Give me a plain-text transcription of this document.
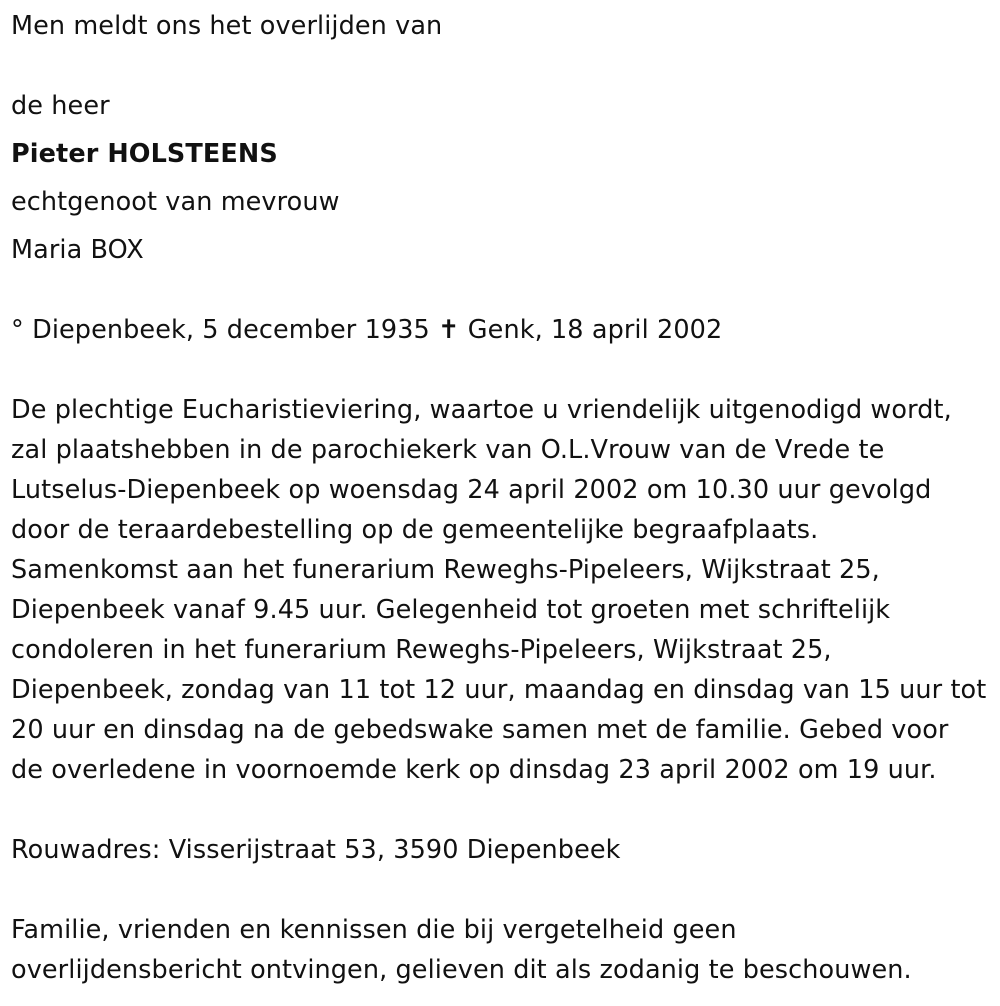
Men meldt ons het overlijden van
de heer
Pieter HOLSTEENS
echtgenoot van mevrouw
Maria BOX
° Diepenbeek, 5 december 1935 ✝ Genk, 18 april 2002
De plechtige Eucharistieviering, waartoe u vriendelijk uitgenodigd wordt,
zal plaatshebben in de parochiekerk van O.L.Vrouw van de Vrede te
Lutselus-Diepenbeek op woensdag 24 april 2002 om 10.30 uur gevolgd
door de teraardebestelling op de gemeentelijke begraafplaats.
Samenkomst aan het funerarium Reweghs-Pipeleers, Wijkstraat 25,
Diepenbeek vanaf 9.45 uur. Gelegenheid tot groeten met schriftelijk
condoleren in het funerarium Reweghs-Pipeleers, Wijkstraat 25,
Diepenbeek, zondag van 11 tot 12 uur, maandag en dinsdag van 15 uur tot
20 uur en dinsdag na de gebedswake samen met de familie. Gebed voor
de overledene in voornoemde kerk op dinsdag 23 april 2002 om 19 uur.
Rouwadres: Visserijstraat 53, 3590 Diepenbeek
Familie, vrienden en kennissen die bij vergetelheid geen
overlijdensbericht ontvingen, gelieven dit als zodanig te beschouwen.
